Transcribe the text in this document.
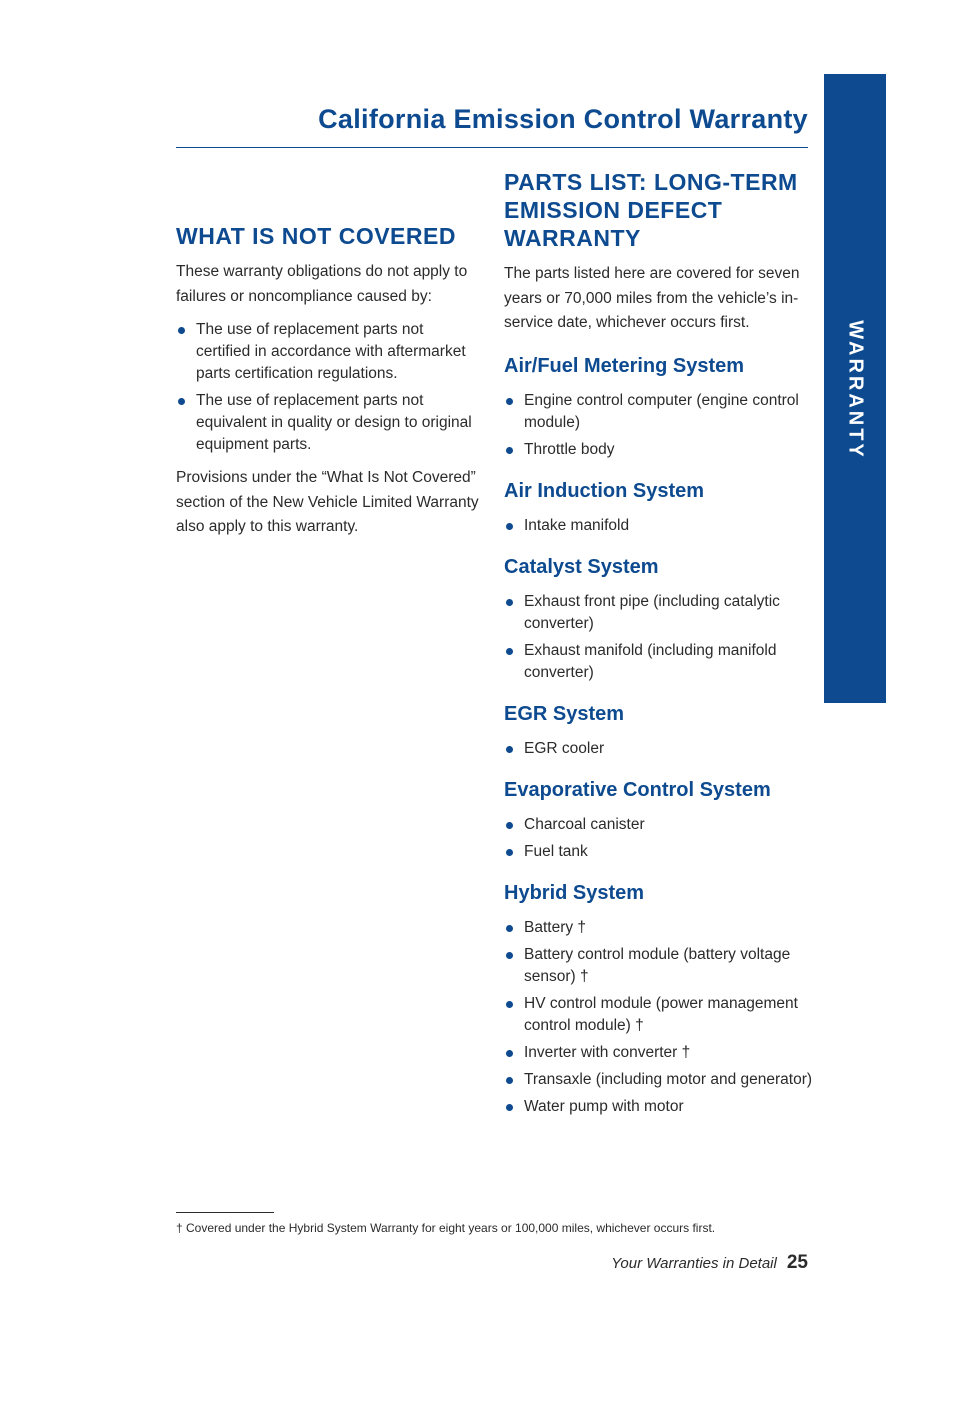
California Emission Control Warranty
WARRANTY
WHAT IS NOT COVERED

These warranty obligations do not apply to failures or noncompliance caused by:

The use of replacement parts not certified in accordance with aftermarket parts certification regulations.
The use of replacement parts not equivalent in quality or design to original equipment parts.

Provisions under the “What Is Not Covered” section of the New Vehicle Limited Warranty also apply to this warranty.

PARTS LIST: LONG-TERM EMISSION DEFECT WARRANTY

The parts listed here are covered for seven years or 70,000 miles from the vehicle’s in-service date, whichever occurs first.

Air/Fuel Metering System
Engine control computer (engine control module)
Throttle body
Air Induction System
Intake manifold
Catalyst System
Exhaust front pipe (including catalytic converter)
Exhaust manifold (including manifold converter)
EGR System
EGR cooler
Evaporative Control System
Charcoal canister
Fuel tank
Hybrid System
Battery †
Battery control module (battery voltage sensor) †
HV control module (power management control module) †
Inverter with converter †
Transaxle (including motor and generator)
Water pump with motor
† Covered under the Hybrid System Warranty for eight years or 100,000 miles, whichever occurs first.
Your Warranties in Detail 25
